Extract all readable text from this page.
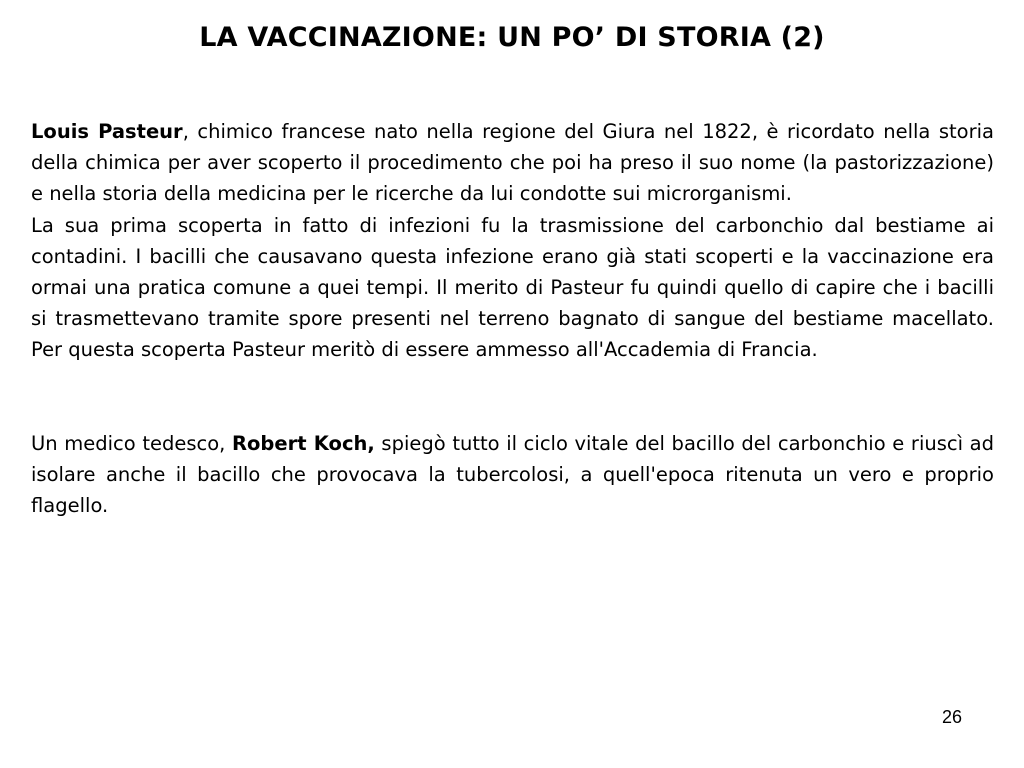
LA VACCINAZIONE: UN PO’ DI STORIA (2)

Louis Pasteur, chimico francese nato nella regione del Giura nel 1822, è ricordato nella storia della chimica per aver scoperto il procedimento che poi ha preso il suo nome (la pastorizzazione) e nella storia della medicina per le ricerche da lui condotte sui microrganismi.

La sua prima scoperta in fatto di infezioni fu la trasmissione del carbonchio dal bestiame ai contadini. I bacilli che causavano questa infezione erano già stati scoperti e la vaccinazione era ormai una pratica comune a quei tempi. Il merito di Pasteur fu quindi quello di capire che i bacilli si trasmettevano tramite spore presenti nel terreno bagnato di sangue del bestiame macellato. Per questa scoperta Pasteur meritò di essere ammesso all'Accademia di Francia.

Un medico tedesco, Robert Koch, spiegò tutto il ciclo vitale del bacillo del carbonchio e riuscì ad isolare anche il bacillo che provocava la tubercolosi, a quell'epoca ritenuta un vero e proprio flagello.

26
